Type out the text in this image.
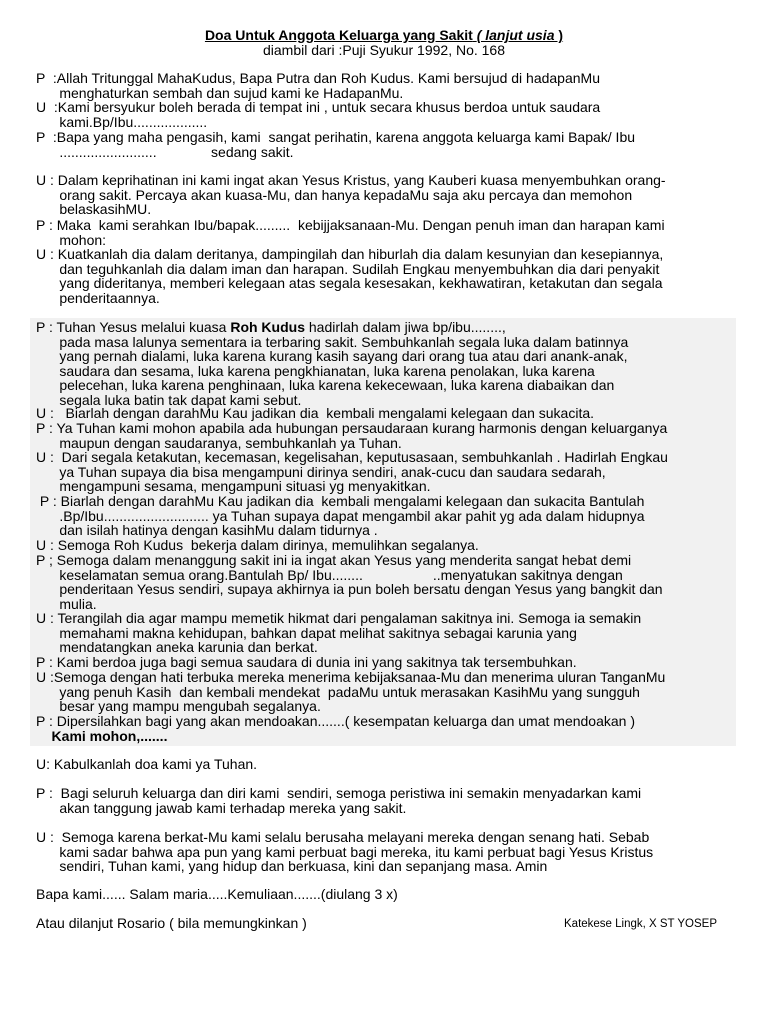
Doa Untuk Anggota Keluarga yang Sakit ( lanjut usia )
diambil dari :Puji Syukur 1992, No. 168
P  :Allah Tritunggal MahaKudus, Bapa Putra dan Roh Kudus. Kami bersujud di hadapanMu
menghaturkan sembah dan sujud kami ke HadapanMu.
U  :Kami bersyukur boleh berada di tempat ini , untuk secara khusus berdoa untuk saudara
kami.Bp/Ibu...................
P  :Bapa yang maha pengasih, kami  sangat perihatin, karena anggota keluarga kami Bapak/ Ibu
.........................              sedang sakit.
U : Dalam keprihatinan ini kami ingat akan Yesus Kristus, yang Kauberi kuasa menyembuhkan orang-
orang sakit. Percaya akan kuasa-Mu, dan hanya kepadaMu saja aku percaya dan memohon
belaskasihMU.
P : Maka  kami serahkan Ibu/bapak.........  kebijjaksanaan-Mu. Dengan penuh iman dan harapan kami
mohon:
U : Kuatkanlah dia dalam deritanya, dampingilah dan hiburlah dia dalam kesunyian dan kesepiannya,
dan teguhkanlah dia dalam iman dan harapan. Sudilah Engkau menyembuhkan dia dari penyakit
yang dideritanya, memberi kelegaan atas segala kesesakan, kekhawatiran, ketakutan dan segala
penderitaannya.
P : Tuhan Yesus melalui kuasa Roh Kudus hadirlah dalam jiwa bp/ibu........,
pada masa lalunya sementara ia terbaring sakit. Sembuhkanlah segala luka dalam batinnya
yang pernah dialami, luka karena kurang kasih sayang dari orang tua atau dari anank-anak,
saudara dan sesama, luka karena pengkhianatan, luka karena penolakan, luka karena
pelecehan, luka karena penghinaan, luka karena kekecewaan, luka karena diabaikan dan
segala luka batin tak dapat kami sebut.
U :   Biarlah dengan darahMu Kau jadikan dia  kembali mengalami kelegaan dan sukacita.
P : Ya Tuhan kami mohon apabila ada hubungan persaudaraan kurang harmonis dengan keluarganya
maupun dengan saudaranya, sembuhkanlah ya Tuhan.
U :  Dari segala ketakutan, kecemasan, kegelisahan, keputusasaan, sembuhkanlah . Hadirlah Engkau
ya Tuhan supaya dia bisa mengampuni dirinya sendiri, anak-cucu dan saudara sedarah,
mengampuni sesama, mengampuni situasi yg menyakitkan.
P : Biarlah dengan darahMu Kau jadikan dia  kembali mengalami kelegaan dan sukacita Bantulah
.Bp/Ibu........................... ya Tuhan supaya dapat mengambil akar pahit yg ada dalam hidupnya
dan isilah hatinya dengan kasihMu dalam tidurnya .
U : Semoga Roh Kudus  bekerja dalam dirinya, memulihkan segalanya.
P ; Semoga dalam menanggung sakit ini ia ingat akan Yesus yang menderita sangat hebat demi
keselamatan semua orang.Bantulah Bp/ Ibu........                  ..menyatukan sakitnya dengan
penderitaan Yesus sendiri, supaya akhirnya ia pun boleh bersatu dengan Yesus yang bangkit dan
mulia.
U : Terangilah dia agar mampu memetik hikmat dari pengalaman sakitnya ini. Semoga ia semakin
memahami makna kehidupan, bahkan dapat melihat sakitnya sebagai karunia yang
mendatangkan aneka karunia dan berkat.
P : Kami berdoa juga bagi semua saudara di dunia ini yang sakitnya tak tersembuhkan.
U :Semoga dengan hati terbuka mereka menerima kebijaksanaa-Mu dan menerima uluran TanganMu
yang penuh Kasih  dan kembali mendekat  padaMu untuk merasakan KasihMu yang sungguh
besar yang mampu mengubah segalanya.
P : Dipersilahkan bagi yang akan mendoakan.......( kesempatan keluarga dan umat mendoakan )
Kami mohon,.......
U: Kabulkanlah doa kami ya Tuhan.
P :  Bagi seluruh keluarga dan diri kami  sendiri, semoga peristiwa ini semakin menyadarkan kami
akan tanggung jawab kami terhadap mereka yang sakit.
U :  Semoga karena berkat-Mu kami selalu berusaha melayani mereka dengan senang hati. Sebab
kami sadar bahwa apa pun yang kami perbuat bagi mereka, itu kami perbuat bagi Yesus Kristus
sendiri, Tuhan kami, yang hidup dan berkuasa, kini dan sepanjang masa. Amin
Bapa kami...... Salam maria.....Kemuliaan.......(diulang 3 x)
Atau dilanjut Rosario ( bila memungkinkan )	Katekese Lingk, X ST YOSEP
